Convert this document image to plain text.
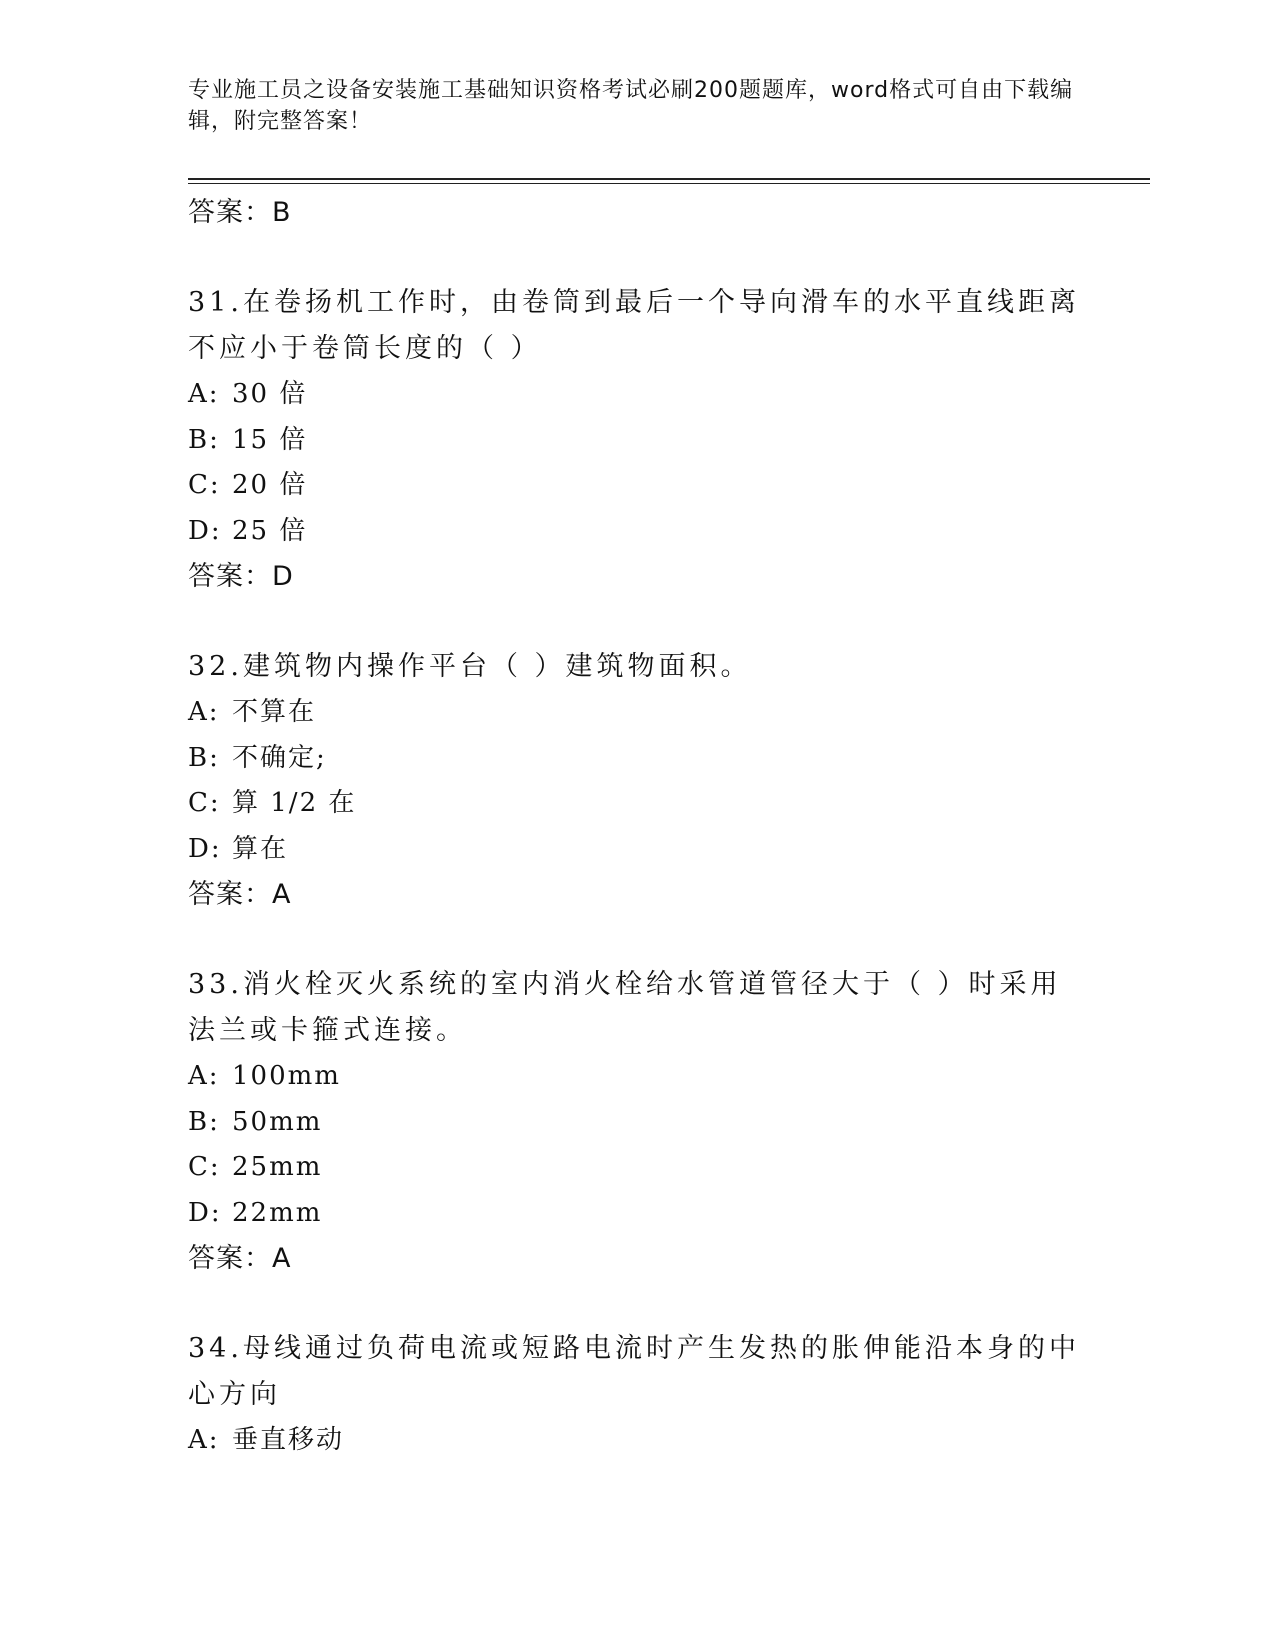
专业施工员之设备安装施工基础知识资格考试必刷200题题库，word格式可自由下载编辑，附完整答案！
答案：B
31.在卷扬机工作时，由卷筒到最后一个导向滑车的水平直线距离不应小于卷筒长度的（ ）
A: 30 倍
B: 15 倍
C: 20 倍
D: 25 倍
答案：D
32.建筑物内操作平台（ ）建筑物面积。
A: 不算在
B: 不确定;
C: 算 1/2 在
D: 算在
答案：A
33.消火栓灭火系统的室内消火栓给水管道管径大于（ ）时采用法兰或卡箍式连接。
A: 100mm
B: 50mm
C: 25mm
D: 22mm
答案：A
34.母线通过负荷电流或短路电流时产生发热的胀伸能沿本身的中心方向
A: 垂直移动
